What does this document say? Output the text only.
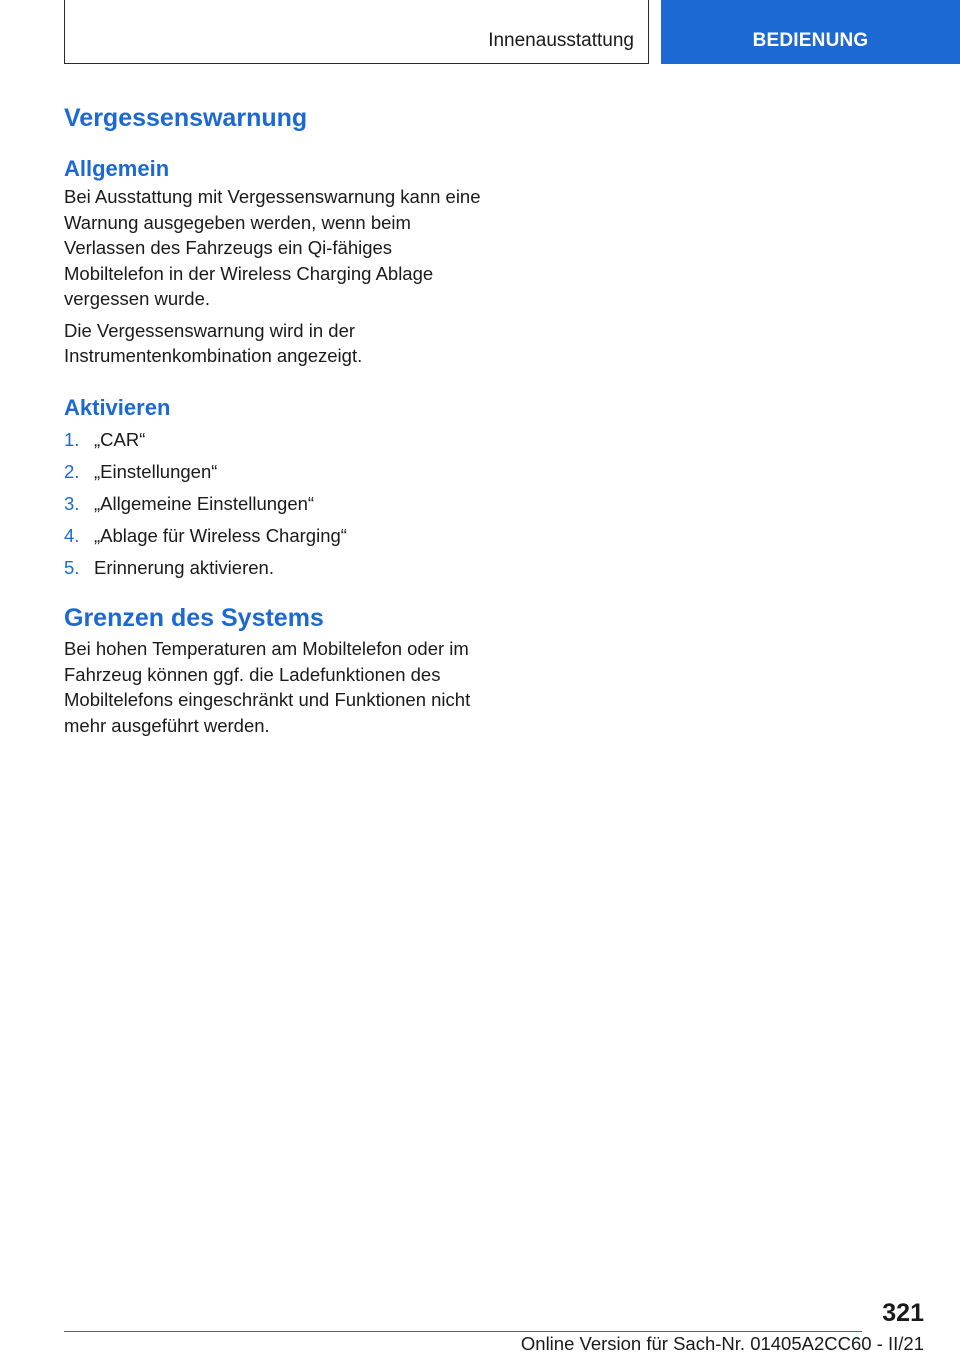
Innenausstattung	BEDIENUNG
Vergessenswarnung
Allgemein

Bei Ausstattung mit Vergessenswarnung kann eine Warnung ausgegeben werden, wenn beim Verlassen des Fahrzeugs ein Qi-fähiges Mobiltelefon in der Wireless Charging Ablage vergessen wurde.

Die Vergessenswarnung wird in der Instrumentenkombination angezeigt.

Aktivieren
1. „CAR“
2. „Einstellungen“
3. „Allgemeine Einstellungen“
4. „Ablage für Wireless Charging“
5. Erinnerung aktivieren.
Grenzen des Systems

Bei hohen Temperaturen am Mobiltelefon oder im Fahrzeug können ggf. die Ladefunktionen des Mobiltelefons eingeschränkt und Funktionen nicht mehr ausgeführt werden.

321
Online Version für Sach-Nr. 01405A2CC60 - II/21
